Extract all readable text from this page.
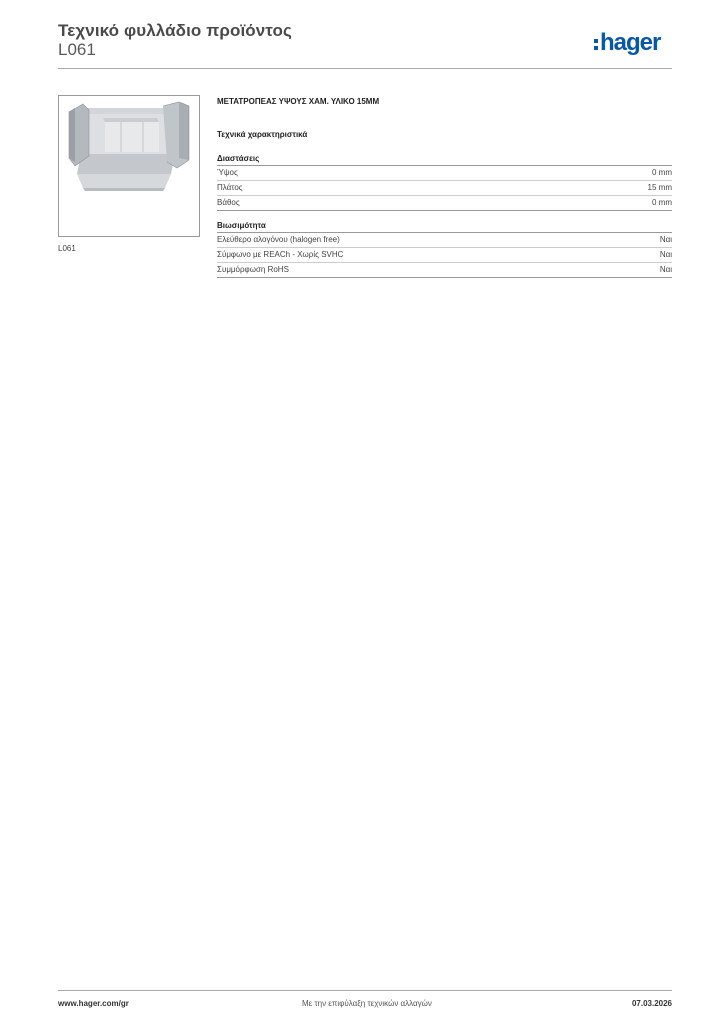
Τεχνικό φυλλάδιο προϊόντος
L061	hager
L061
ΜΕΤΑΤΡΟΠΕΑΣ ΥΨΟΥΣ ΧΑΜ. ΥΛΙΚΟ 15MM
Τεχνικά χαρακτηριστικά
Διαστάσεις
Ύψος	0 mm
Πλάτος	15 mm
Βάθος	0 mm
Βιωσιμότητα
Ελεύθερο αλογόνου (halogen free)	Ναι
Σύμφωνο με REACh - Χωρίς SVHC	Ναι
Συμμόρφωση RoHS	Ναι
www.hager.com/gr	Με την επιφύλαξη τεχνικών αλλαγών	07.03.2026
